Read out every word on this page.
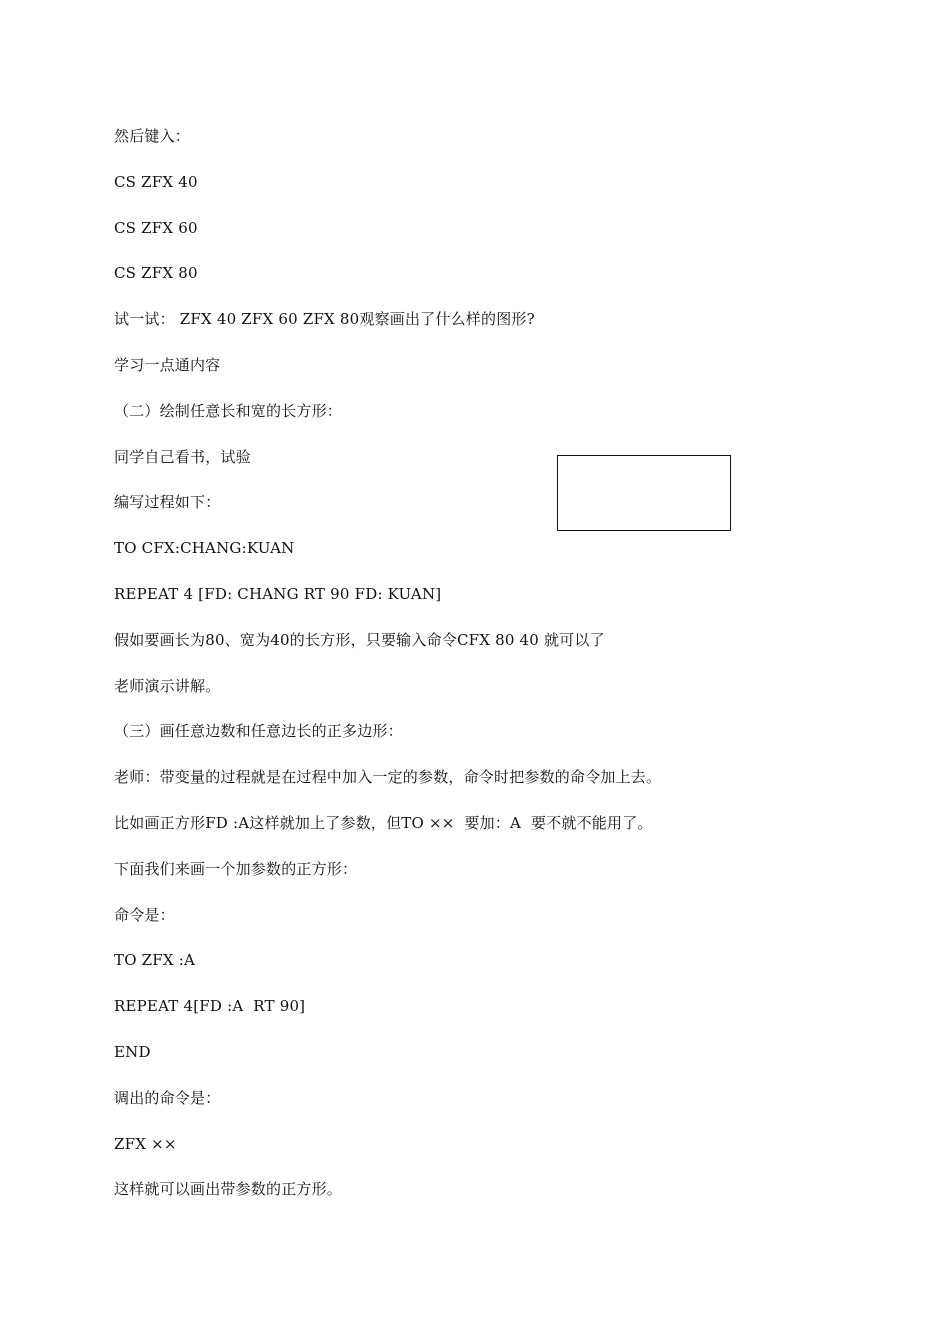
然后键入：
CS ZFX 40
CS ZFX 60
CS ZFX 80
试一试： ZFX 40 ZFX 60 ZFX 80观察画出了什么样的图形?
学习一点通内容
（二）绘制任意长和宽的长方形：
同学自己看书，试验
编写过程如下：
TO CFX:CHANG:KUAN
REPEAT 4 [FD: CHANG RT 90 FD: KUAN]
假如要画长为80、宽为40的长方形，只要输入命令CFX 80 40 就可以了
老师演示讲解。
（三）画任意边数和任意边长的正多边形：
老师：带变量的过程就是在过程中加入一定的参数，命令时把参数的命令加上去。
比如画正方形FD :A这样就加上了参数，但TO ××  要加：A  要不就不能用了。
下面我们来画一个加参数的正方形：
命令是：
TO ZFX :A
REPEAT 4[FD :A  RT 90]
END
调出的命令是：
ZFX ××
这样就可以画出带参数的正方形。
